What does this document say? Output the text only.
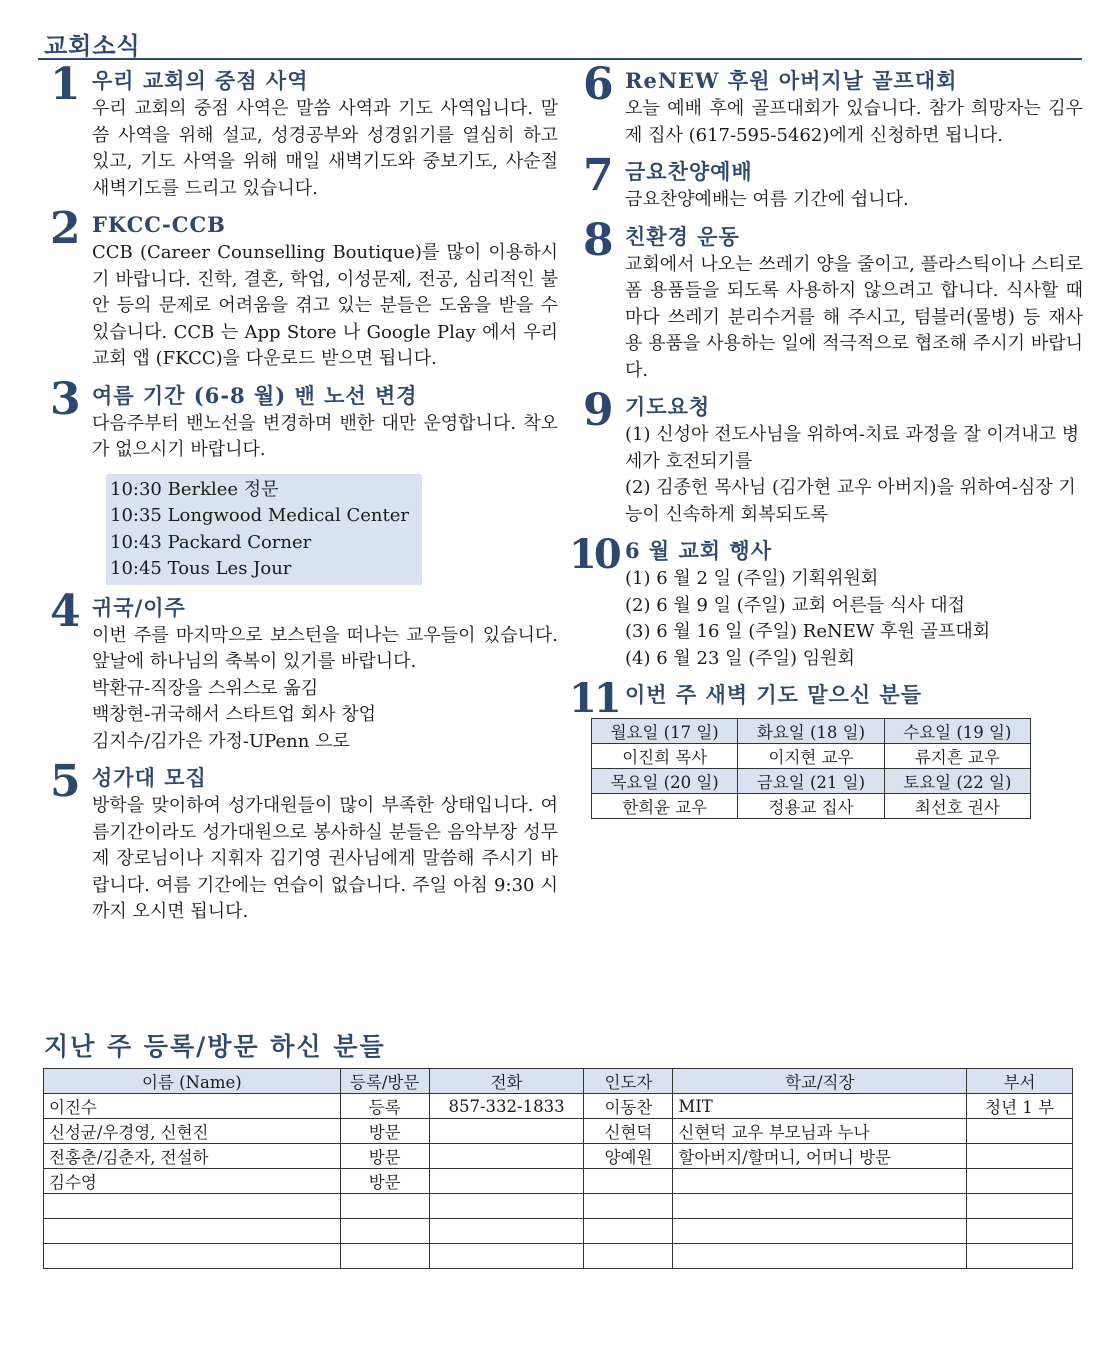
교회소식
1 우리 교회의 중점 사역
우리 교회의 중점 사역은 말씀 사역과 기도 사역입니다. 말씀 사역을 위해 설교, 성경공부와 성경읽기를 열심히 하고 있고, 기도 사역을 위해 매일 새벽기도와 중보기도, 사순절 새벽기도를 드리고 있습니다.
2 FKCC-CCB
CCB (Career Counselling Boutique)를 많이 이용하시기 바랍니다. 진학, 결혼, 학업, 이성문제, 전공, 심리적인 불안 등의 문제로 어려움을 겪고 있는 분들은 도움을 받을 수 있습니다. CCB 는 App Store 나 Google Play 에서 우리교회 앱 (FKCC)을 다운로드 받으면 됩니다.
3 여름 기간 (6-8 월) 밴 노선 변경
다음주부터 밴노선을 변경하며 밴한 대만 운영합니다. 착오가 없으시기 바랍니다.
10:30 Berklee 정문
10:35 Longwood Medical Center
10:43 Packard Corner
10:45 Tous Les Jour
4 귀국/이주
이번 주를 마지막으로 보스턴을 떠나는 교우들이 있습니다. 앞날에 하나님의 축복이 있기를 바랍니다.
박환규-직장을 스위스로 옮김
백창현-귀국해서 스타트업 회사 창업
김지수/김가은 가정-UPenn 으로
5 성가대 모집
방학을 맞이하여 성가대원들이 많이 부족한 상태입니다. 여름기간이라도 성가대원으로 봉사하실 분들은 음악부장 성무제 장로님이나 지휘자 김기영 권사님에게 말씀해 주시기 바랍니다. 여름 기간에는 연습이 없습니다. 주일 아침 9:30 시까지 오시면 됩니다.
6 ReNEW 후원 아버지날 골프대회
오늘 예배 후에 골프대회가 있습니다. 참가 희망자는 김우제 집사 (617-595-5462)에게 신청하면 됩니다.
7 금요찬양예배
금요찬양예배는 여름 기간에 쉽니다.
8 친환경 운동
교회에서 나오는 쓰레기 양을 줄이고, 플라스틱이나 스티로폼 용품들을 되도록 사용하지 않으려고 합니다. 식사할 때마다 쓰레기 분리수거를 해 주시고, 텀블러(물병) 등 재사용 용품을 사용하는 일에 적극적으로 협조해 주시기 바랍니다.
9 기도요청
(1) 신성아 전도사님을 위하여-치료 과정을 잘 이겨내고 병세가 호전되기를
(2) 김종헌 목사님 (김가현 교우 아버지)을 위하여-심장 기능이 신속하게 회복되도록
10 6 월 교회 행사
(1) 6 월 2 일 (주일) 기획위원회
(2) 6 월 9 일 (주일) 교회 어른들 식사 대접
(3) 6 월 16 일 (주일) ReNEW 후원 골프대회
(4) 6 월 23 일 (주일) 임원회
11 이번 주 새벽 기도 맡으신 분들
월요일 (17 일)	화요일 (18 일)	수요일 (19 일)
이진희 목사	이지현 교우	류지흔 교우
목요일 (20 일)	금요일 (21 일)	토요일 (22 일)
한희윤 교우	정용교 집사	최선호 권사
지난 주 등록/방문 하신 분들
이름 (Name)	등록/방문	전화	인도자	학교/직장	부서
이진수	등록	857-332-1833	이동찬	MIT	청년 1 부
신성균/우경영, 신현진	방문		신현덕	신현덕 교우 부모님과 누나	
전홍춘/김춘자, 전설하	방문		양예원	할아버지/할머니, 어머니 방문	
김수영	방문				
